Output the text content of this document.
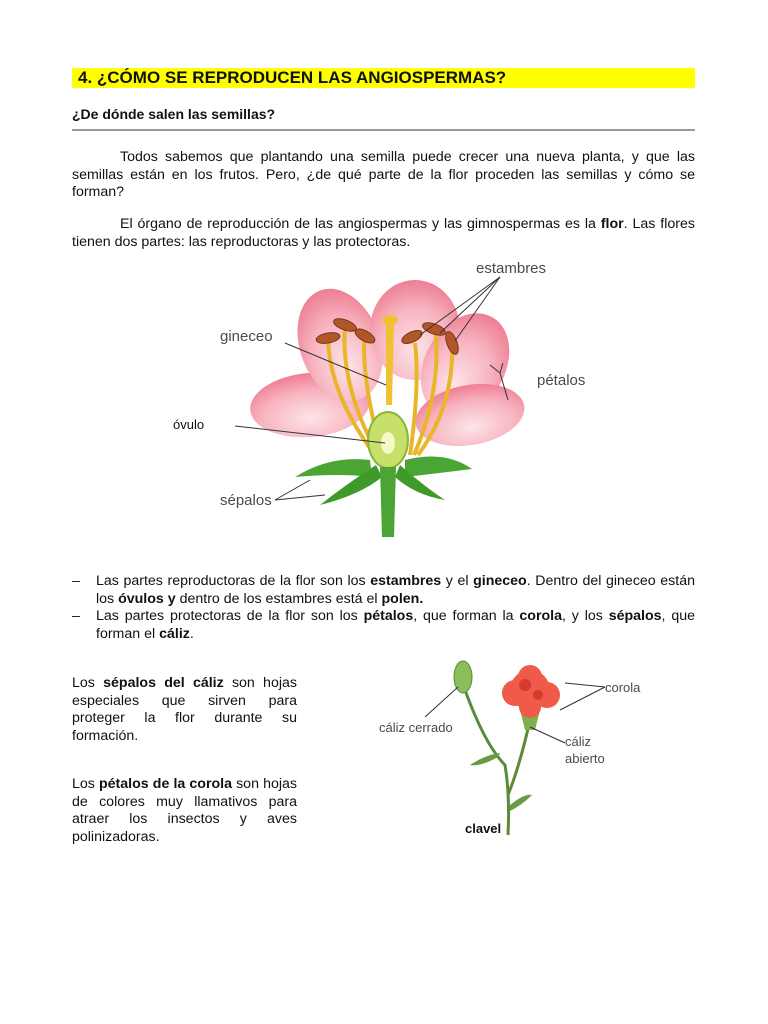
4. ¿CÓMO SE REPRODUCEN LAS ANGIOSPERMAS?
¿De dónde salen las semillas?

Todos sabemos que plantando una semilla puede crecer una nueva planta, y que las semillas están en los frutos. Pero, ¿de qué parte de la flor proceden las semillas y cómo se forman?

El órgano de reproducción de las angiospermas y las gimnospermas es la flor. Las flores tienen dos partes: las reproductoras y las protectoras.

estambres
gineceo
pétalos
óvulo
sépalos
– Las partes reproductoras de la flor son los estambres y el gineceo. Dentro del gineceo están los óvulos y dentro de los estambres está el polen.
– Las partes protectoras de la flor son los pétalos, que forman la corola, y los sépalos, que forman el cáliz.

Los sépalos del cáliz son hojas especiales que sirven para proteger la flor durante su formación.

Los pétalos de la corola son hojas de colores muy llamativos para atraer los insectos y aves polinizadoras.

corola
cáliz cerrado
cáliz
abierto
clavel
